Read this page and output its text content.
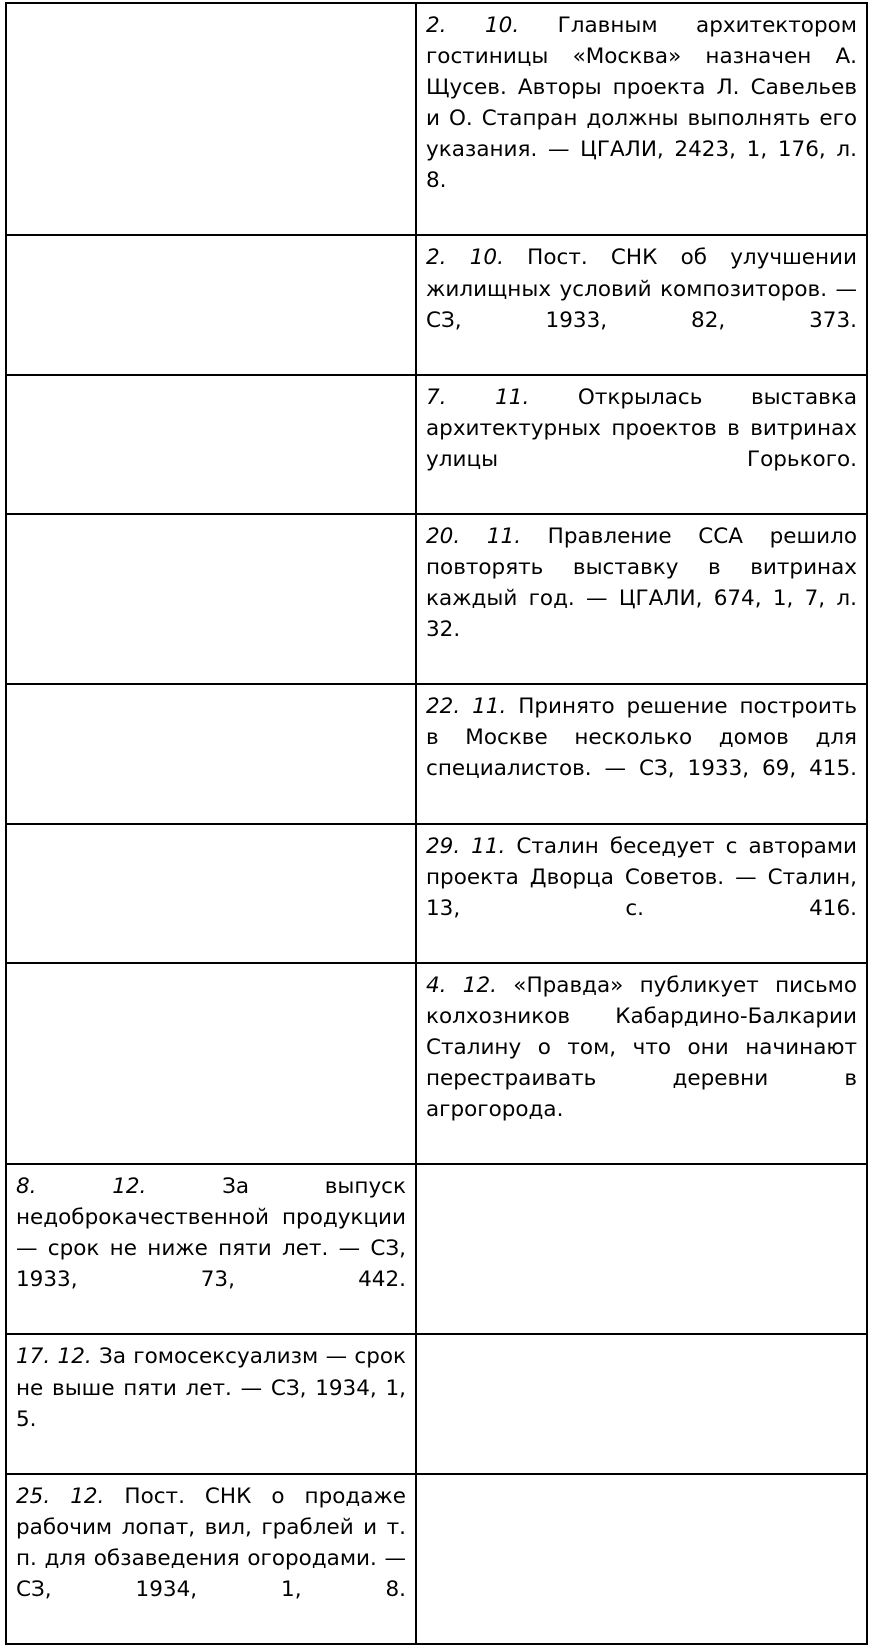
	2. 10. Главным архитектором гостиницы «Москва» назначен А. Щусев. Авторы проекта Л. Савельев и О. Стапран должны выполнять его указания. — ЦГАЛИ, 2423, 1, 176, л. 8.

	2. 10. Пост. СНК об улучшении жилищных условий композиторов. — СЗ, 1933, 82, 373.

	7. 11. Открылась выставка архитектурных проектов в витринах улицы Горького.

	20. 11. Правление ССА решило повторять выставку в витринах каждый год. — ЦГАЛИ, 674, 1, 7, л. 32.

	22. 11. Принято решение построить в Москве несколько домов для специалистов. — СЗ, 1933, 69, 415.

	29. 11. Сталин беседует с авторами проекта Дворца Советов. — Сталин, 13, с. 416.

	4. 12. «Правда» публикует письмо колхозников Кабардино-Балкарии Сталину о том, что они начинают перестраивать деревни в агрогорода.

8. 12. За выпуск недоброкачественной продукции — срок не ниже пяти лет. — СЗ, 1933, 73, 442.	

17. 12. За гомосексуализм — срок не выше пяти лет. — СЗ, 1934, 1, 5.	

25. 12. Пост. СНК о продаже рабочим лопат, вил, граблей и т. п. для обзаведения огородами. — СЗ, 1934, 1, 8.	
